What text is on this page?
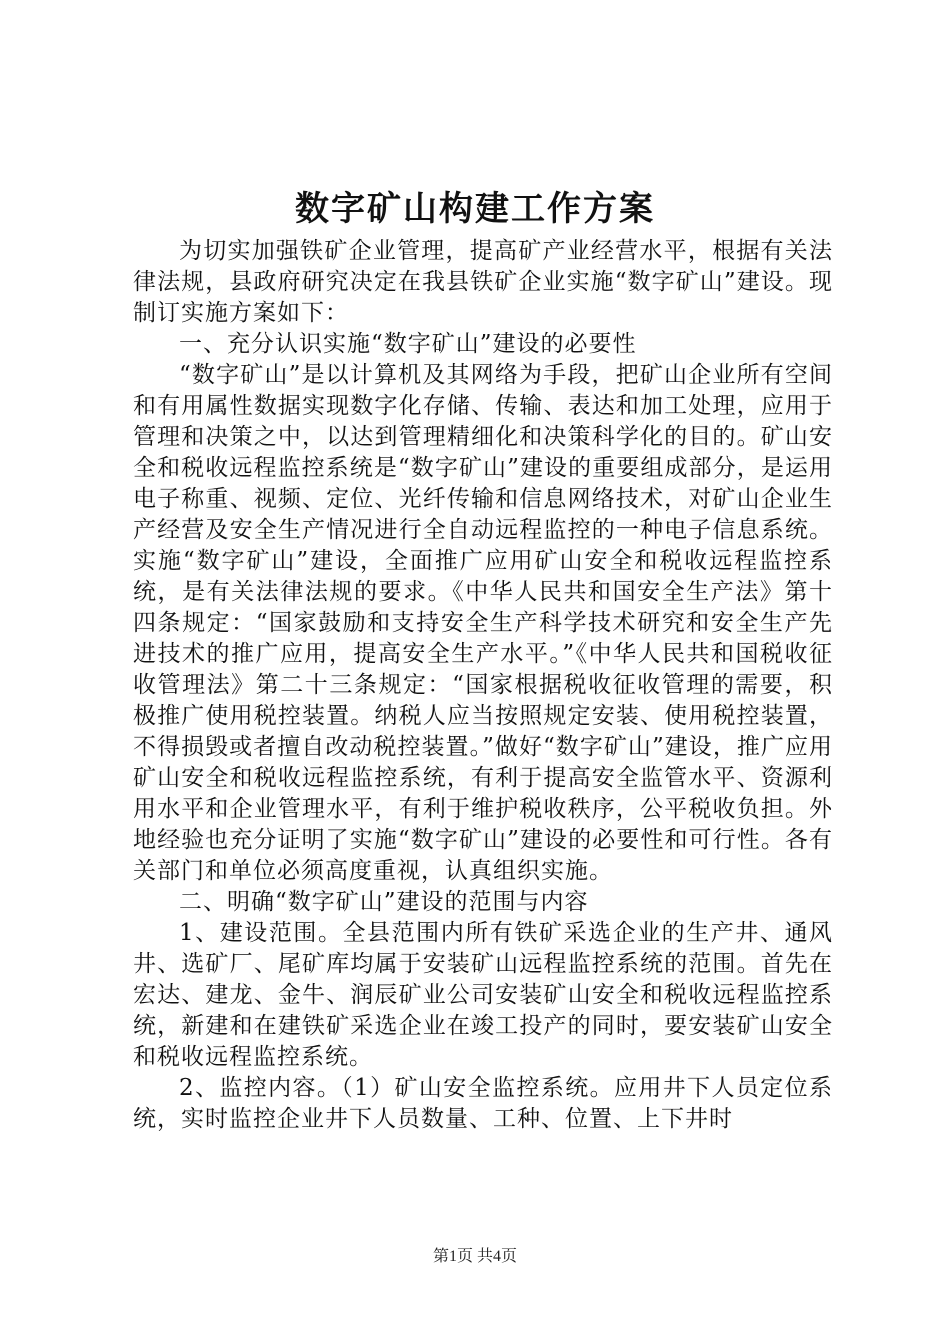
数字矿山构建工作方案

为切实加强铁矿企业管理，提高矿产业经营水平，根据有关法律法规，县政府研究决定在我县铁矿企业实施“数字矿山”建设。现制订实施方案如下：

一、充分认识实施“数字矿山”建设的必要性

“数字矿山”是以计算机及其网络为手段，把矿山企业所有空间和有用属性数据实现数字化存储、传输、表达和加工处理，应用于管理和决策之中，以达到管理精细化和决策科学化的目的。矿山安全和税收远程监控系统是“数字矿山”建设的重要组成部分，是运用电子称重、视频、定位、光纤传输和信息网络技术，对矿山企业生产经营及安全生产情况进行全自动远程监控的一种电子信息系统。实施“数字矿山”建设，全面推广应用矿山安全和税收远程监控系统，是有关法律法规的要求。《中华人民共和国安全生产法》第十四条规定：“国家鼓励和支持安全生产科学技术研究和安全生产先进技术的推广应用，提高安全生产水平。”《中华人民共和国税收征收管理法》第二十三条规定：“国家根据税收征收管理的需要，积极推广使用税控装置。纳税人应当按照规定安装、使用税控装置，不得损毁或者擅自改动税控装置。”做好“数字矿山”建设，推广应用矿山安全和税收远程监控系统，有利于提高安全监管水平、资源利用水平和企业管理水平，有利于维护税收秩序，公平税收负担。外地经验也充分证明了实施“数字矿山”建设的必要性和可行性。各有关部门和单位必须高度重视，认真组织实施。

二、明确“数字矿山”建设的范围与内容

1、建设范围。全县范围内所有铁矿采选企业的生产井、通风井、选矿厂、尾矿库均属于安装矿山远程监控系统的范围。首先在宏达、建龙、金牛、润辰矿业公司安装矿山安全和税收远程监控系统，新建和在建铁矿采选企业在竣工投产的同时，要安装矿山安全和税收远程监控系统。

2、监控内容。（1）矿山安全监控系统。应用井下人员定位系统，实时监控企业井下人员数量、工种、位置、上下井时

第1页 共4页
